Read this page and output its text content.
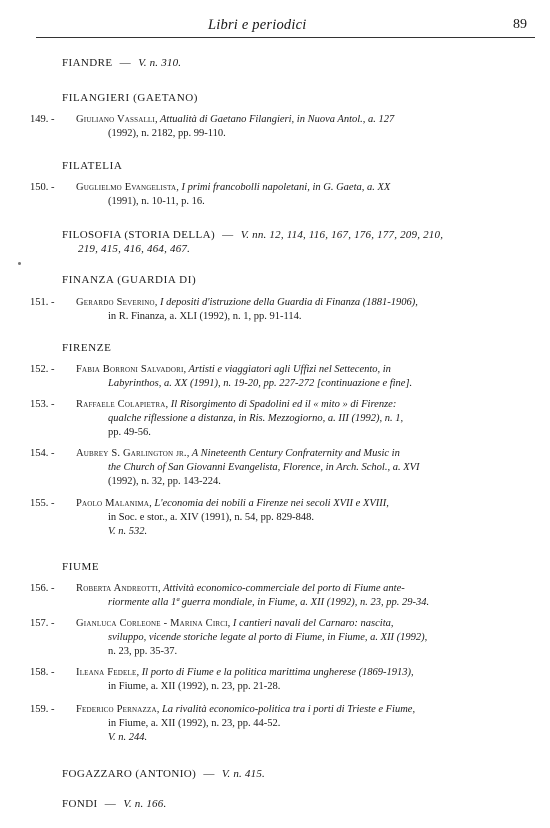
Libri e periodici	89
FIANDRE — V. n. 310.
FILANGIERI (GAETANO)
149. -	Giuliano Vassalli, Attualità di Gaetano Filangieri, in Nuova Antol., a. 127
(1992), n. 2182, pp. 99-110.
FILATELIA
150. -	Guglielmo Evangelista, I primi francobolli napoletani, in G. Gaeta, a. XX
(1991), n. 10-11, p. 16.
FILOSOFIA (STORIA DELLA) — V. nn. 12, 114, 116, 167, 176, 177, 209, 210,
219, 415, 416, 464, 467.
FINANZA (GUARDIA DI)
151. -	Gerardo Severino, I depositi d'istruzione della Guardia di Finanza (1881-1906),
in R. Finanza, a. XLI (1992), n. 1, pp. 91-114.
FIRENZE
152. -	Fabia Borroni Salvadori, Artisti e viaggiatori agli Uffizi nel Settecento, in
Labyrinthos, a. XX (1991), n. 19-20, pp. 227-272 [continuazione e fine].
153. -	Raffaele Colapietra, Il Risorgimento di Spadolini ed il « mito » di Firenze:
qualche riflessione a distanza, in Ris. Mezzogiorno, a. III (1992), n. 1,
pp. 49-56.
154. -	Aubrey S. Garlington jr., A Nineteenth Century Confraternity and Music in
the Church of San Giovanni Evangelista, Florence, in Arch. Schol., a. XVI
(1992), n. 32, pp. 143-224.
155. -	Paolo Malanima, L'economia dei nobili a Firenze nei secoli XVII e XVIII,
in Soc. e stor., a. XIV (1991), n. 54, pp. 829-848.
V. n. 532.
FIUME
156. -	Roberta Andreotti, Attività economico-commerciale del porto di Fiume ante-
riormente alla 1ª guerra mondiale, in Fiume, a. XII (1992), n. 23, pp. 29-34.
157. -	Gianluca Corleone - Marina Circi, I cantieri navali del Carnaro: nascita,
sviluppo, vicende storiche legate al porto di Fiume, in Fiume, a. XII (1992),
n. 23, pp. 35-37.
158. -	Ileana Fedele, Il porto di Fiume e la politica marittima ungherese (1869-1913),
in Fiume, a. XII (1992), n. 23, pp. 21-28.
159. -	Federico Pernazza, La rivalità economico-politica tra i porti di Trieste e Fiume,
in Fiume, a. XII (1992), n. 23, pp. 44-52.
V. n. 244.
FOGAZZARO (ANTONIO) — V. n. 415.
FONDI — V. n. 166.
